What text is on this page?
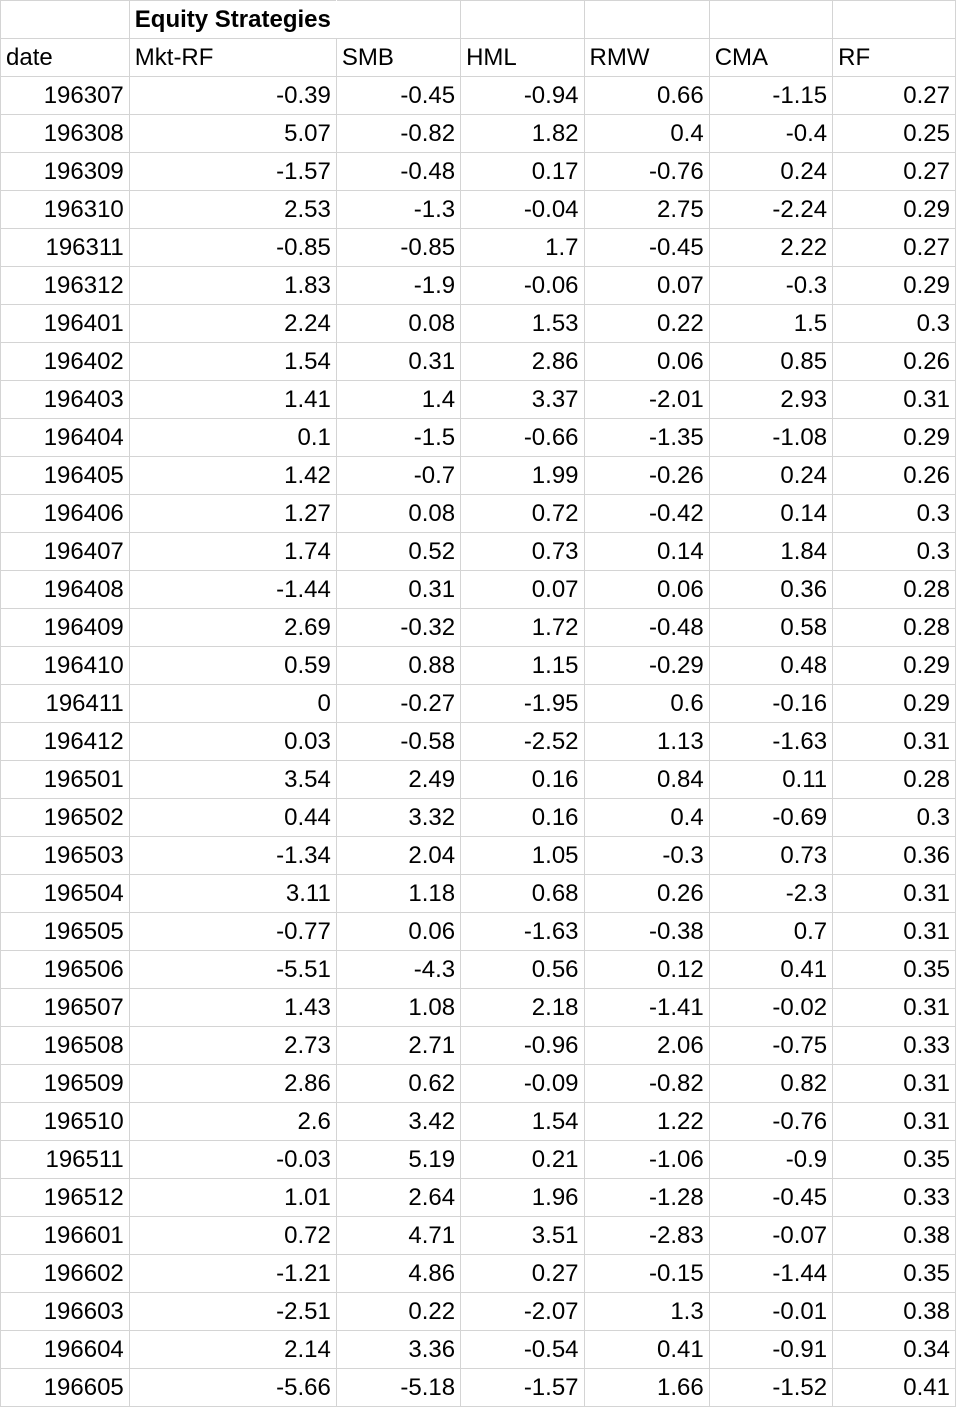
	Equity Strategies					
date	Mkt-RF	SMB	HML	RMW	CMA	RF
196307	-0.39	-0.45	-0.94	0.66	-1.15	0.27
196308	5.07	-0.82	1.82	0.4	-0.4	0.25
196309	-1.57	-0.48	0.17	-0.76	0.24	0.27
196310	2.53	-1.3	-0.04	2.75	-2.24	0.29
196311	-0.85	-0.85	1.7	-0.45	2.22	0.27
196312	1.83	-1.9	-0.06	0.07	-0.3	0.29
196401	2.24	0.08	1.53	0.22	1.5	0.3
196402	1.54	0.31	2.86	0.06	0.85	0.26
196403	1.41	1.4	3.37	-2.01	2.93	0.31
196404	0.1	-1.5	-0.66	-1.35	-1.08	0.29
196405	1.42	-0.7	1.99	-0.26	0.24	0.26
196406	1.27	0.08	0.72	-0.42	0.14	0.3
196407	1.74	0.52	0.73	0.14	1.84	0.3
196408	-1.44	0.31	0.07	0.06	0.36	0.28
196409	2.69	-0.32	1.72	-0.48	0.58	0.28
196410	0.59	0.88	1.15	-0.29	0.48	0.29
196411	0	-0.27	-1.95	0.6	-0.16	0.29
196412	0.03	-0.58	-2.52	1.13	-1.63	0.31
196501	3.54	2.49	0.16	0.84	0.11	0.28
196502	0.44	3.32	0.16	0.4	-0.69	0.3
196503	-1.34	2.04	1.05	-0.3	0.73	0.36
196504	3.11	1.18	0.68	0.26	-2.3	0.31
196505	-0.77	0.06	-1.63	-0.38	0.7	0.31
196506	-5.51	-4.3	0.56	0.12	0.41	0.35
196507	1.43	1.08	2.18	-1.41	-0.02	0.31
196508	2.73	2.71	-0.96	2.06	-0.75	0.33
196509	2.86	0.62	-0.09	-0.82	0.82	0.31
196510	2.6	3.42	1.54	1.22	-0.76	0.31
196511	-0.03	5.19	0.21	-1.06	-0.9	0.35
196512	1.01	2.64	1.96	-1.28	-0.45	0.33
196601	0.72	4.71	3.51	-2.83	-0.07	0.38
196602	-1.21	4.86	0.27	-0.15	-1.44	0.35
196603	-2.51	0.22	-2.07	1.3	-0.01	0.38
196604	2.14	3.36	-0.54	0.41	-0.91	0.34
196605	-5.66	-5.18	-1.57	1.66	-1.52	0.41
